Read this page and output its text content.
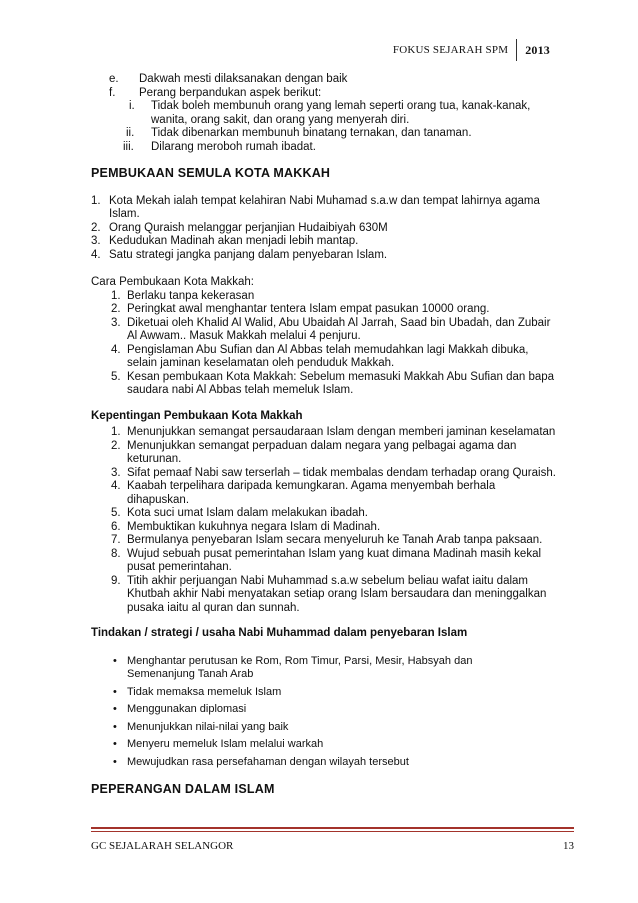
FOKUS SEJARAH SPM	2013
e. Dakwah mesti dilaksanakan dengan baik
f. Perang berpandukan aspek berikut:
i. Tidak boleh membunuh orang yang lemah seperti orang tua, kanak-kanak,
wanita, orang sakit, dan orang yang menyerah diri.
ii. Tidak dibenarkan membunuh binatang ternakan, dan tanaman.
iii. Dilarang meroboh rumah ibadat.
PEMBUKAAN SEMULA KOTA MAKKAH
1. Kota Mekah ialah tempat kelahiran Nabi Muhamad s.a.w dan tempat lahirnya agama
Islam.
2. Orang Quraish melanggar perjanjian Hudaibiyah 630M
3. Kedudukan Madinah akan menjadi lebih mantap.
4. Satu strategi jangka panjang dalam penyebaran Islam.
Cara Pembukaan Kota Makkah:
1. Berlaku tanpa kekerasan
2. Peringkat awal menghantar tentera Islam empat pasukan 10000 orang.
3. Diketuai oleh Khalid Al Walid, Abu Ubaidah Al Jarrah, Saad bin Ubadah, dan Zubair
Al Awwam.. Masuk Makkah melalui 4 penjuru.
4. Pengislaman Abu Sufian dan Al Abbas telah memudahkan lagi Makkah dibuka,
selain jaminan keselamatan oleh penduduk Makkah.
5. Kesan pembukaan Kota Makkah: Sebelum memasuki Makkah Abu Sufian dan bapa
saudara nabi Al Abbas telah memeluk Islam.
Kepentingan Pembukaan Kota Makkah
1. Menunjukkan semangat persaudaraan Islam dengan memberi jaminan keselamatan
2. Menunjukkan semangat perpaduan dalam negara yang pelbagai agama dan
keturunan.
3. Sifat pemaaf Nabi saw terserlah – tidak membalas dendam terhadap orang Quraish.
4. Kaabah terpelihara daripada kemungkaran. Agama menyembah berhala
dihapuskan.
5. Kota suci umat Islam dalam melakukan ibadah.
6. Membuktikan kukuhnya negara Islam di Madinah.
7. Bermulanya penyebaran Islam secara menyeluruh ke Tanah Arab tanpa paksaan.
8. Wujud sebuah pusat pemerintahan Islam yang kuat dimana Madinah masih kekal
pusat pemerintahan.
9. Titih akhir perjuangan Nabi Muhammad s.a.w sebelum beliau wafat iaitu dalam
Khutbah akhir Nabi menyatakan setiap orang Islam bersaudara dan meninggalkan
pusaka iaitu al quran dan sunnah.
Tindakan / strategi / usaha Nabi Muhammad dalam penyebaran Islam
• Menghantar perutusan ke Rom, Rom Timur, Parsi, Mesir, Habsyah dan
Semenanjung Tanah Arab
• Tidak memaksa memeluk Islam
• Menggunakan diplomasi
• Menunjukkan nilai-nilai yang baik
• Menyeru memeluk Islam melalui warkah
• Mewujudkan rasa persefahaman dengan wilayah tersebut
PEPERANGAN DALAM ISLAM
GC SEJALARAH SELANGOR	13
